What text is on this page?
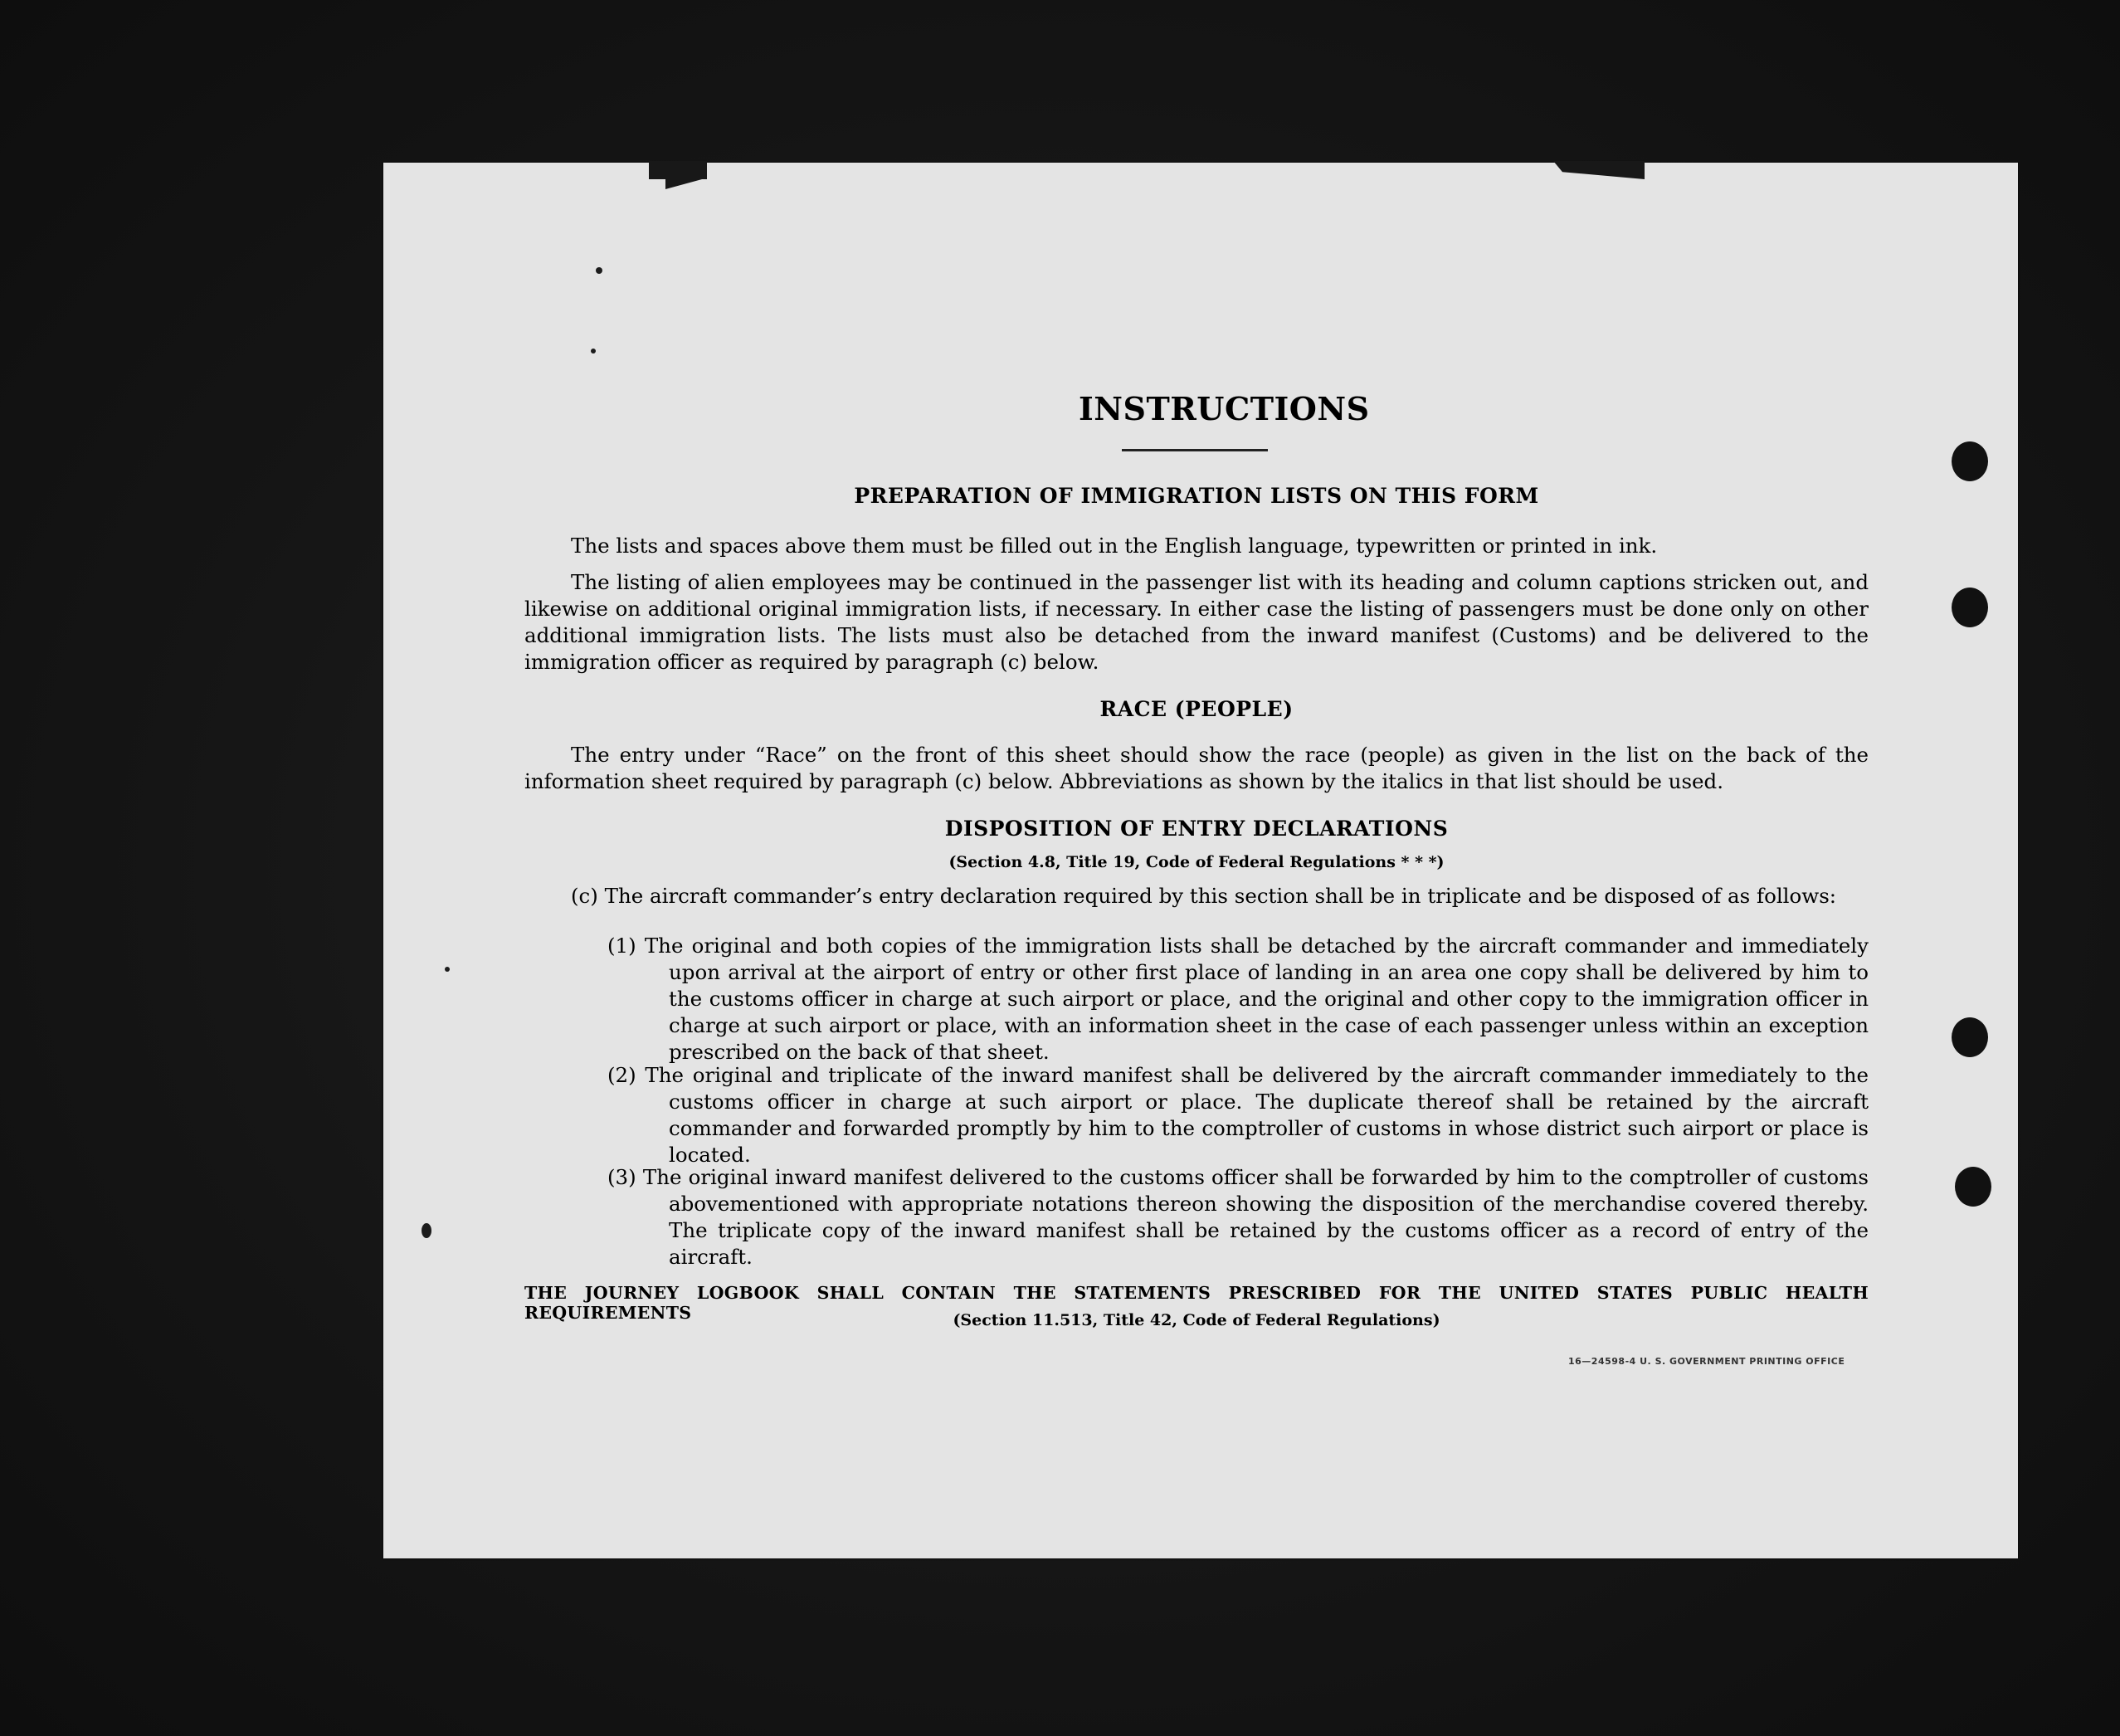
INSTRUCTIONS
PREPARATION OF IMMIGRATION LISTS ON THIS FORM
The lists and spaces above them must be filled out in the English language, typewritten or printed in ink.
The listing of alien employees may be continued in the passenger list with its heading and column captions stricken out, and likewise on additional original immigration lists, if necessary. In either case the listing of passengers must be done only on other additional immigration lists. The lists must also be detached from the inward manifest (Customs) and be delivered to the immigration officer as required by paragraph (c) below.
RACE (PEOPLE)
The entry under “Race” on the front of this sheet should show the race (people) as given in the list on the back of the information sheet required by paragraph (c) below. Abbreviations as shown by the italics in that list should be used.
DISPOSITION OF ENTRY DECLARATIONS
(Section 4.8, Title 19, Code of Federal Regulations * * *)
(c) The aircraft commander’s entry declaration required by this section shall be in triplicate and be disposed of as follows:
(1) The original and both copies of the immigration lists shall be detached by the aircraft commander and immediately upon arrival at the airport of entry or other first place of landing in an area one copy shall be delivered by him to the customs officer in charge at such airport or place, and the original and other copy to the immigration officer in charge at such airport or place, with an information sheet in the case of each passenger unless within an exception prescribed on the back of that sheet.
(2) The original and triplicate of the inward manifest shall be delivered by the aircraft commander immediately to the customs officer in charge at such airport or place. The duplicate thereof shall be retained by the aircraft commander and forwarded promptly by him to the comptroller of customs in whose district such airport or place is located.
(3) The original inward manifest delivered to the customs officer shall be forwarded by him to the comptroller of customs abovementioned with appropriate notations thereon showing the disposition of the merchandise covered thereby. The triplicate copy of the inward manifest shall be retained by the customs officer as a record of entry of the aircraft.
THE JOURNEY LOGBOOK SHALL CONTAIN THE STATEMENTS PRESCRIBED FOR THE UNITED STATES PUBLIC HEALTH REQUIREMENTS	(Section 11.513, Title 42, Code of Federal Regulations)
16—24598-4 U. S. GOVERNMENT PRINTING OFFICE
